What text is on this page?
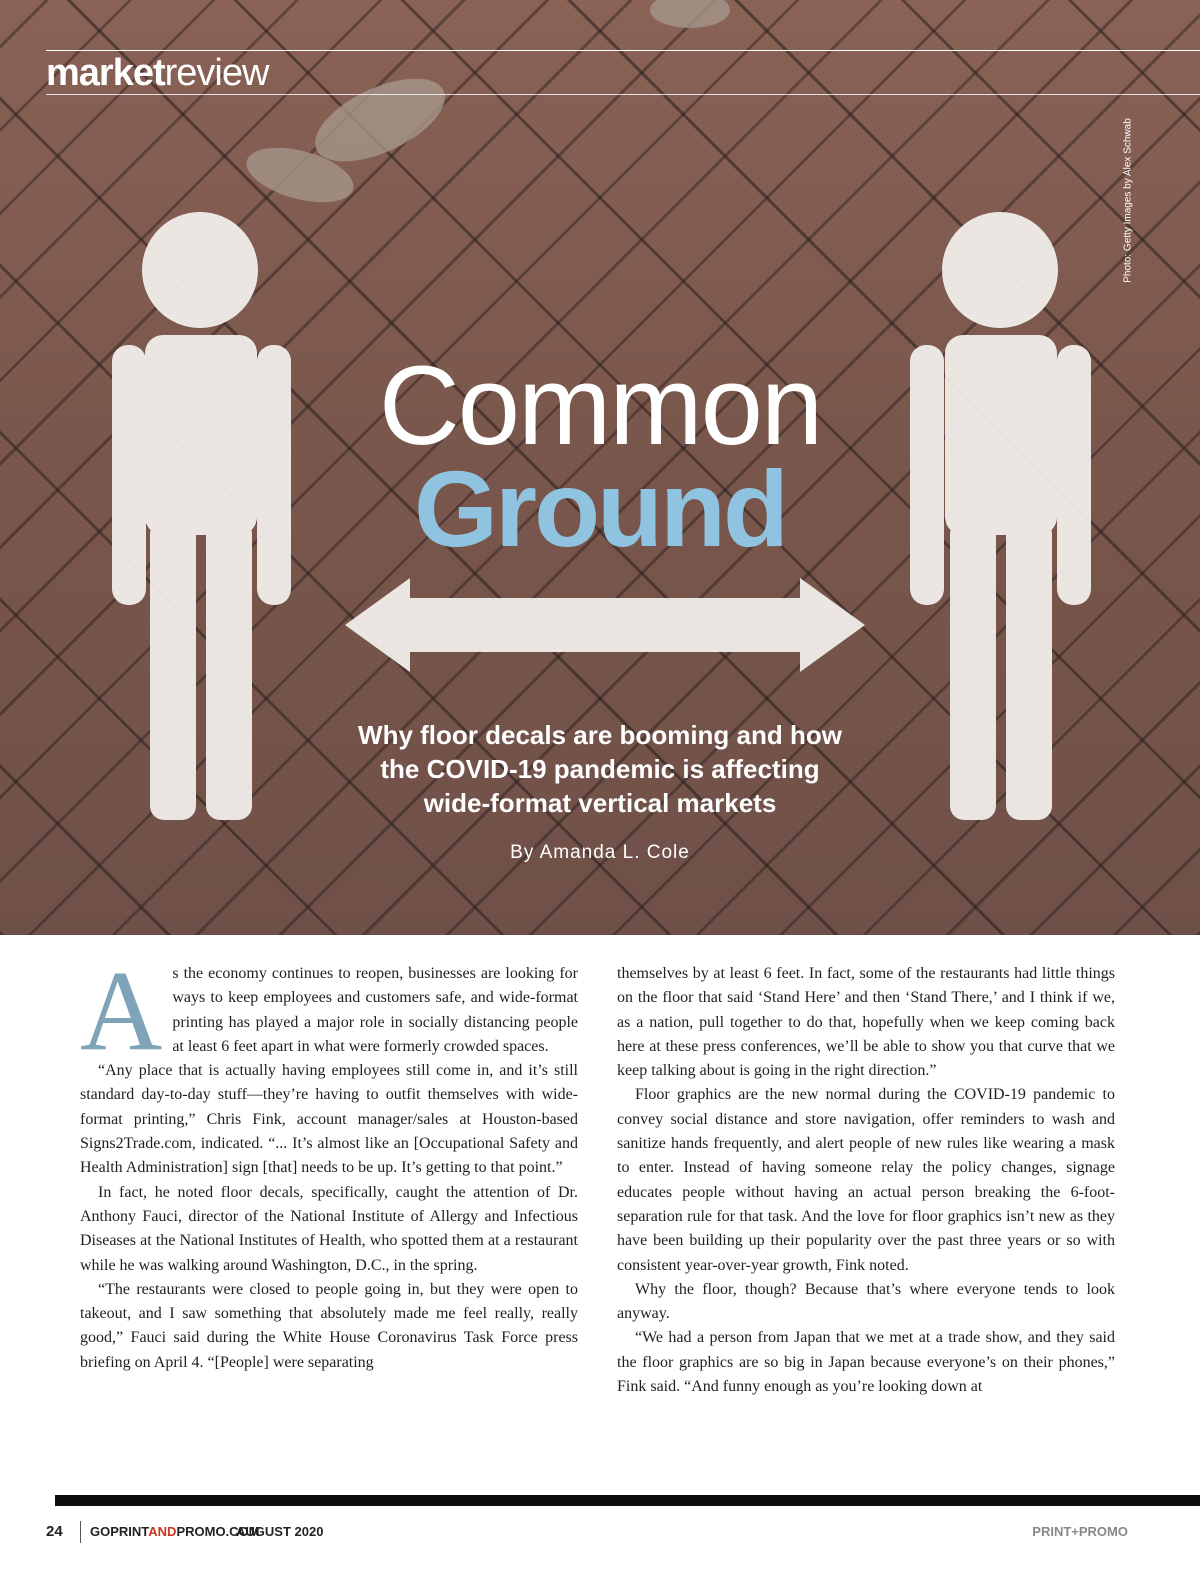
marketreview
Photo: Getty Images by Alex Schwab
Common
Ground
Why floor decals are booming and how
the COVID-19 pandemic is affecting
wide-format vertical markets
By Amanda L. Cole
A s the economy continues to reopen, businesses are looking for ways to keep employees and customers safe, and wide-format printing has played a major role in socially distancing people at least 6 feet apart in what were formerly crowded spaces.

“Any place that is actually having employees still come in, and it’s still standard day-to-day stuff—they’re having to outfit themselves with wide-format printing,” Chris Fink, account manager/sales at Houston-based Signs2Trade.com, indicated. “... It’s almost like an [Occupational Safety and Health Administration] sign [that] needs to be up. It’s getting to that point.”

In fact, he noted floor decals, specifically, caught the attention of Dr. Anthony Fauci, director of the National Institute of Allergy and Infectious Diseases at the National Institutes of Health, who spotted them at a restaurant while he was walking around Washington, D.C., in the spring.

“The restaurants were closed to people going in, but they were open to takeout, and I saw something that absolutely made me feel really, really good,” Fauci said during the White House Coronavirus Task Force press briefing on April 4. “[People] were separating

themselves by at least 6 feet. In fact, some of the restaurants had little things on the floor that said ‘Stand Here’ and then ‘Stand There,’ and I think if we, as a nation, pull together to do that, hopefully when we keep coming back here at these press conferences, we’ll be able to show you that curve that we keep talking about is going in the right direction.”

Floor graphics are the new normal during the COVID-19 pandemic to convey social distance and store navigation, offer reminders to wash and sanitize hands frequently, and alert people of new rules like wearing a mask to enter. Instead of having someone relay the policy changes, signage educates people without having an actual person breaking the 6-foot-separation rule for that task. And the love for floor graphics isn’t new as they have been building up their popularity over the past three years or so with consistent year-over-year growth, Fink noted.

Why the floor, though? Because that’s where everyone tends to look anyway.

“We had a person from Japan that we met at a trade show, and they said the floor graphics are so big in Japan because everyone’s on their phones,” Fink said. “And funny enough as you’re looking down at

24 GOPRINTANDPROMO.COM
AUGUST 2020	PRINT+PROMO
